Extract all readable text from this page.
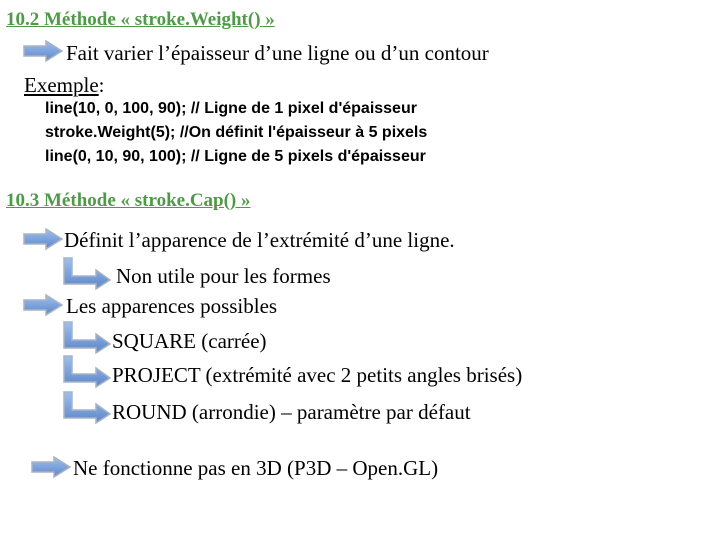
10.2 Méthode « stroke.Weight() »
Fait varier l’épaisseur d’une ligne ou d’un contour
Exemple:
line(10, 0, 100, 90); // Ligne de 1 pixel d'épaisseur
stroke.Weight(5); //On définit l'épaisseur à 5 pixels
line(0, 10, 90, 100); // Ligne de 5 pixels d'épaisseur
10.3 Méthode « stroke.Cap() »
Définit l’apparence de l’extrémité d’une ligne.
Non utile pour les formes
Les apparences possibles
SQUARE (carrée)
PROJECT (extrémité avec 2 petits angles brisés)
ROUND (arrondie) – paramètre par défaut
Ne fonctionne pas en 3D (P3D – Open.GL)
